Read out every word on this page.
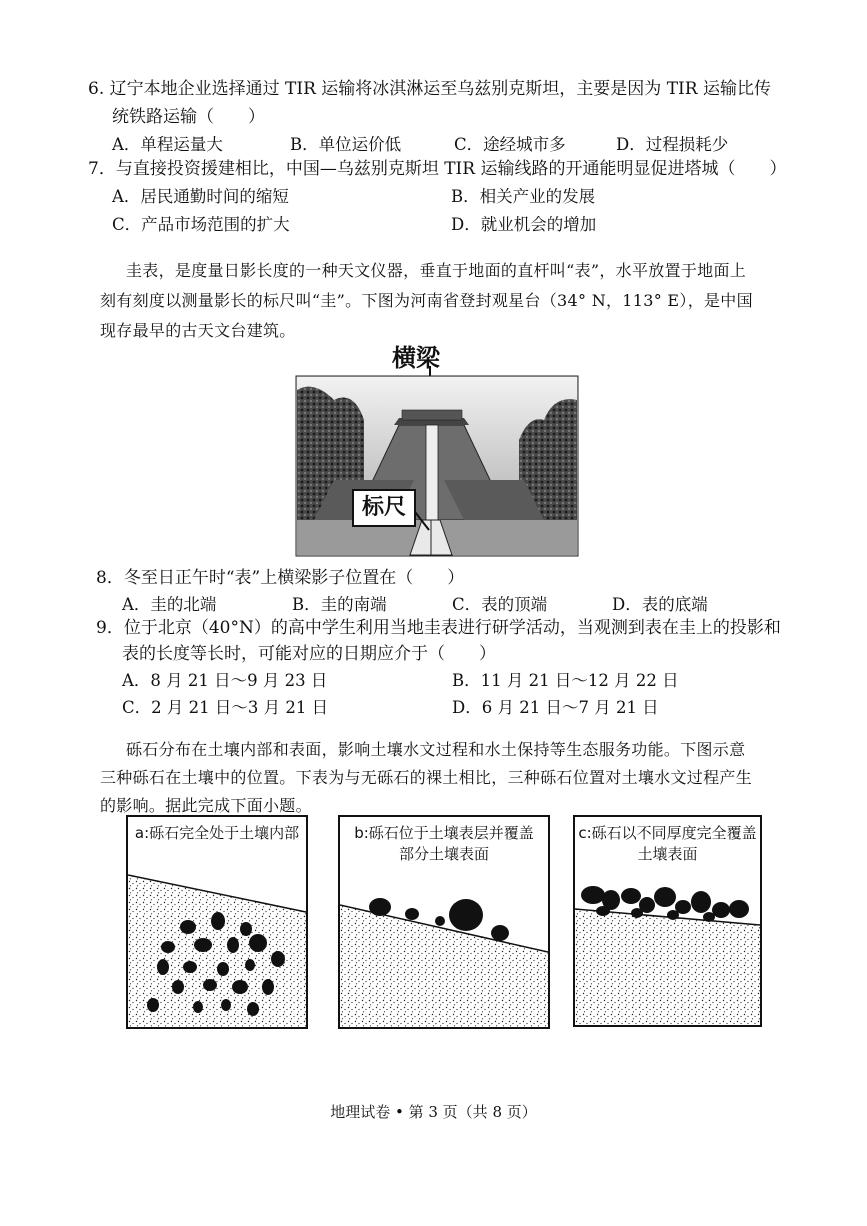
6. 辽宁本地企业选择通过 TIR 运输将冰淇淋运至乌兹别克斯坦，主要是因为 TIR 运输比传
统铁路运输（　　）
A．单程运量大	B．单位运价低	C．途经城市多	D．过程损耗少
7．与直接投资援建相比，中国—乌兹别克斯坦 TIR 运输线路的开通能明显促进塔城（　　）
A．居民通勤时间的缩短	B．相关产业的发展
C．产品市场范围的扩大	D．就业机会的增加
圭表，是度量日影长度的一种天文仪器，垂直于地面的直杆叫“表”，水平放置于地面上
刻有刻度以测量影长的标尺叫“圭”。下图为河南省登封观星台（34° N，113° E），是中国
现存最早的古天文台建筑。
横梁
标尺
8．冬至日正午时“表”上横梁影子位置在（　　）
A．圭的北端	B．圭的南端	C．表的顶端	D．表的底端
9．位于北京（40°N）的高中学生利用当地圭表进行研学活动，当观测到表在圭上的投影和
表的长度等长时，可能对应的日期应介于（　　）
A．8 月 21 日～9 月 23 日	B．11 月 21 日～12 月 22 日
C．2 月 21 日～3 月 21 日	D．6 月 21 日～7 月 21 日
砾石分布在土壤内部和表面，影响土壤水文过程和水土保持等生态服务功能。下图示意
三种砾石在土壤中的位置。下表为与无砾石的裸土相比，三种砾石位置对土壤水文过程产生
的影响。据此完成下面小题。
a:砾石完全处于土壤内部	b:砾石位于土壤表层并覆盖
部分土壤表面
c:砾石以不同厚度完全覆盖
土壤表面
地理试卷 • 第 3 页（共 8 页）
